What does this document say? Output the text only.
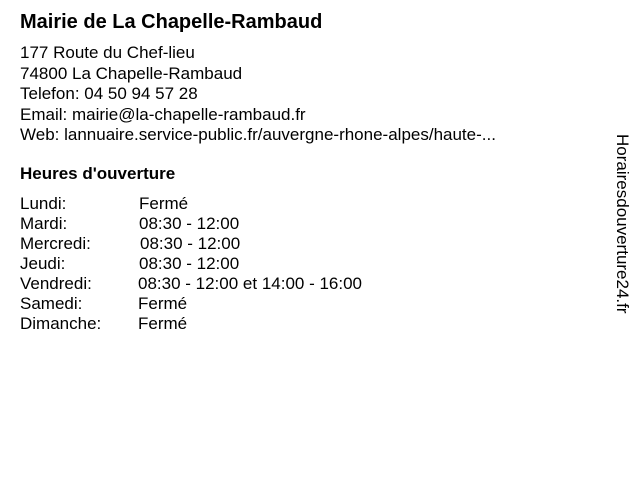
Mairie de La Chapelle-Rambaud
177 Route du Chef-lieu
74800 La Chapelle-Rambaud
Telefon: 04 50 94 57 28
Email: mairie@la-chapelle-rambaud.fr
Web: lannuaire.service-public.fr/auvergne-rhone-alpes/haute-...
Heures d'ouverture
Lundi:	Fermé
Mardi:	08:30 - 12:00
Mercredi:	08:30 - 12:00
Jeudi:	08:30 - 12:00
Vendredi:	08:30 - 12:00 et 14:00 - 16:00
Samedi:	Fermé
Dimanche: Fermé
Horairesdouverture24.fr
